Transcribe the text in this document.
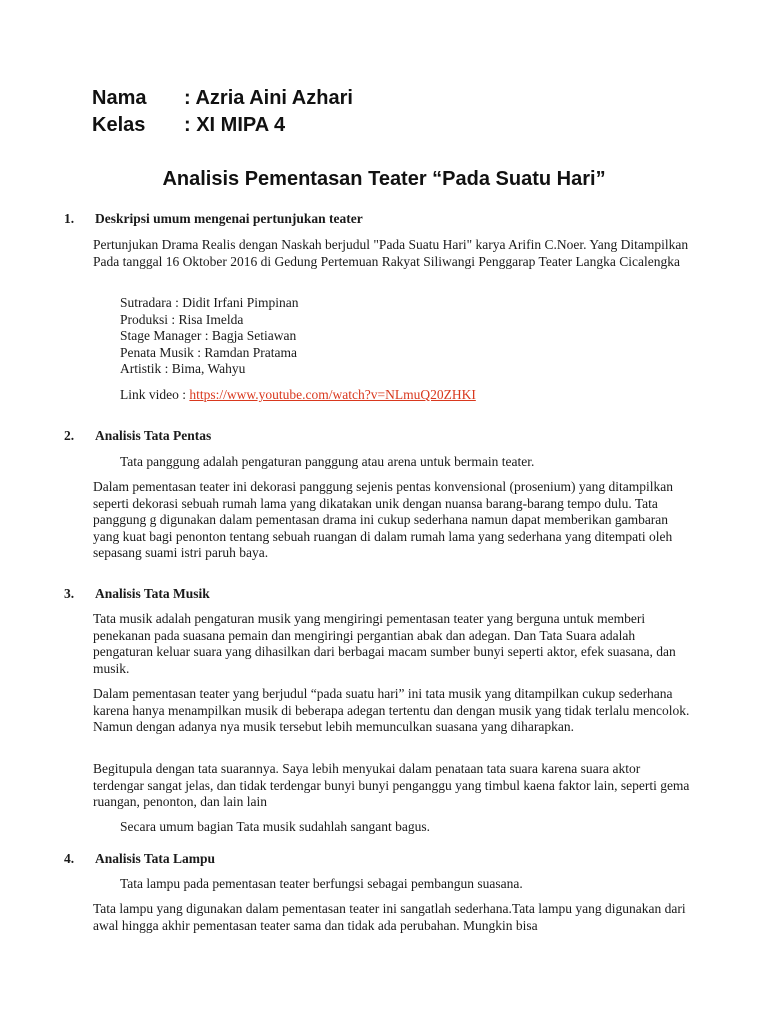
Nama : Azria Aini Azhari
Kelas : XI MIPA 4
Analisis Pementasan Teater “Pada Suatu Hari”
1. Deskripsi umum mengenai pertunjukan teater
Pertunjukan Drama Realis dengan Naskah berjudul "Pada Suatu Hari" karya Arifin C.Noer. Yang Ditampilkan Pada tanggal 16 Oktober 2016 di Gedung Pertemuan Rakyat Siliwangi Penggarap Teater Langka Cicalengka
Sutradara : Didit Irfani Pimpinan
Produksi : Risa Imelda
Stage Manager : Bagja Setiawan
Penata Musik : Ramdan Pratama
Artistik : Bima, Wahyu
Link video : https://www.youtube.com/watch?v=NLmuQ20ZHKI
2. Analisis Tata Pentas
Tata panggung adalah pengaturan panggung atau arena untuk bermain teater.
Dalam pementasan teater ini dekorasi panggung sejenis pentas konvensional (prosenium) yang ditampilkan seperti dekorasi sebuah rumah lama yang dikatakan unik dengan nuansa barang-barang tempo dulu. Tata panggung g digunakan dalam pementasan drama ini cukup sederhana namun dapat memberikan gambaran yang kuat bagi penonton tentang sebuah ruangan di dalam rumah lama yang sederhana yang ditempati oleh sepasang suami istri paruh baya.
3. Analisis Tata Musik
Tata musik adalah pengaturan musik yang mengiringi pementasan teater yang berguna untuk memberi penekanan pada suasana pemain dan mengiringi pergantian abak dan adegan. Dan Tata Suara adalah pengaturan keluar suara yang dihasilkan dari berbagai macam sumber bunyi seperti aktor, efek suasana, dan musik.
Dalam pementasan teater yang berjudul “pada suatu hari” ini tata musik yang ditampilkan cukup sederhana karena hanya menampilkan musik di beberapa adegan tertentu dan dengan musik yang tidak terlalu mencolok. Namun dengan adanya nya musik tersebut lebih memunculkan suasana yang diharapkan.
Begitupula dengan tata suarannya. Saya lebih menyukai dalam penataan tata suara karena suara aktor terdengar sangat jelas, dan tidak terdengar bunyi bunyi penganggu yang timbul kaena faktor lain, seperti gema ruangan, penonton, dan lain lain
Secara umum bagian Tata musik sudahlah sangant bagus.
4. Analisis Tata Lampu
Tata lampu pada pementasan teater berfungsi sebagai pembangun suasana.
Tata lampu yang digunakan dalam pementasan teater ini sangatlah sederhana.Tata lampu yang digunakan dari awal hingga akhir pementasan teater sama dan tidak ada perubahan. Mungkin bisa
